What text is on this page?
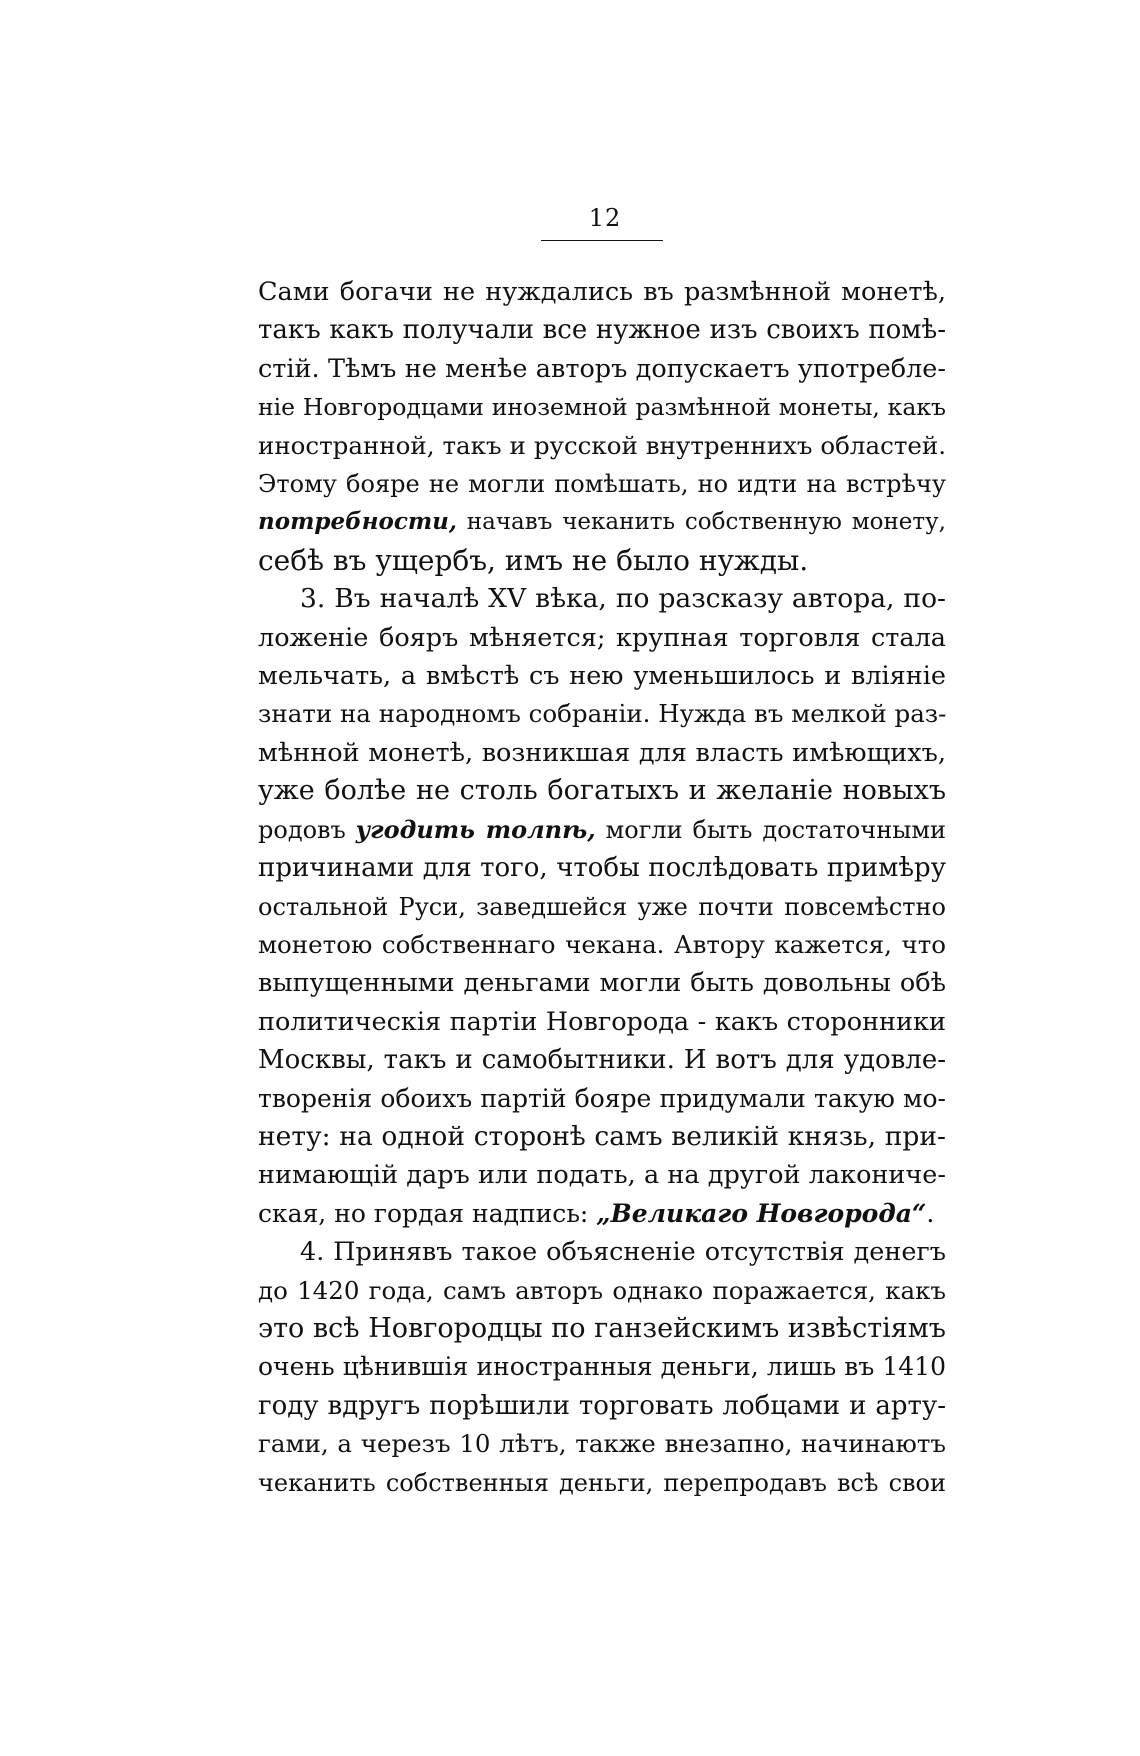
12
Сами богачи не нуждались въ размѣнной монетѣ,
такъ какъ получали все нужное изъ своихъ помѣ-
стій. Тѣмъ не менѣе авторъ допускаетъ употребле-
ніе Новгородцами иноземной размѣнной монеты, какъ
иностранной, такъ и русской внутреннихъ областей.
Этому бояре не могли помѣшать, но идти на встрѣчу
потребности, начавъ чеканить собственную монету,
себѣ въ ущербъ, имъ не было нужды.
3. Въ началѣ XV вѣка, по разсказу автора, по-
ложеніе бояръ мѣняется; крупная торговля стала
мельчать, а вмѣстѣ съ нею уменьшилось и вліяніе
знати на народномъ собраніи. Нужда въ мелкой раз-
мѣнной монетѣ, возникшая для власть имѣющихъ,
уже болѣе не столь богатыхъ и желаніе новыхъ
родовъ угодить толпѣ, могли быть достаточными
причинами для того, чтобы послѣдовать примѣру
остальной Руси, заведшейся уже почти повсемѣстно
монетою собственнаго чекана. Автору кажется, что
выпущенными деньгами могли быть довольны обѣ
политическія партіи Новгорода - какъ сторонники
Москвы, такъ и самобытники. И вотъ для удовле-
творенія обоихъ партій бояре придумали такую мо-
нету: на одной сторонѣ самъ великій князь, при-
нимающій даръ или подать, а на другой лакониче-
ская, но гордая надпись: „Великаго Новгорода“.
4. Принявъ такое объясненіе отсутствія денегъ
до 1420 года, самъ авторъ однако поражается, какъ
это всѣ Новгородцы по ганзейскимъ извѣстіямъ
очень цѣнившія иностранныя деньги, лишь въ 1410
году вдругъ порѣшили торговать лобцами и арту-
гами, а черезъ 10 лѣтъ, также внезапно, начинаютъ
чеканить собственныя деньги, перепродавъ всѣ свои
